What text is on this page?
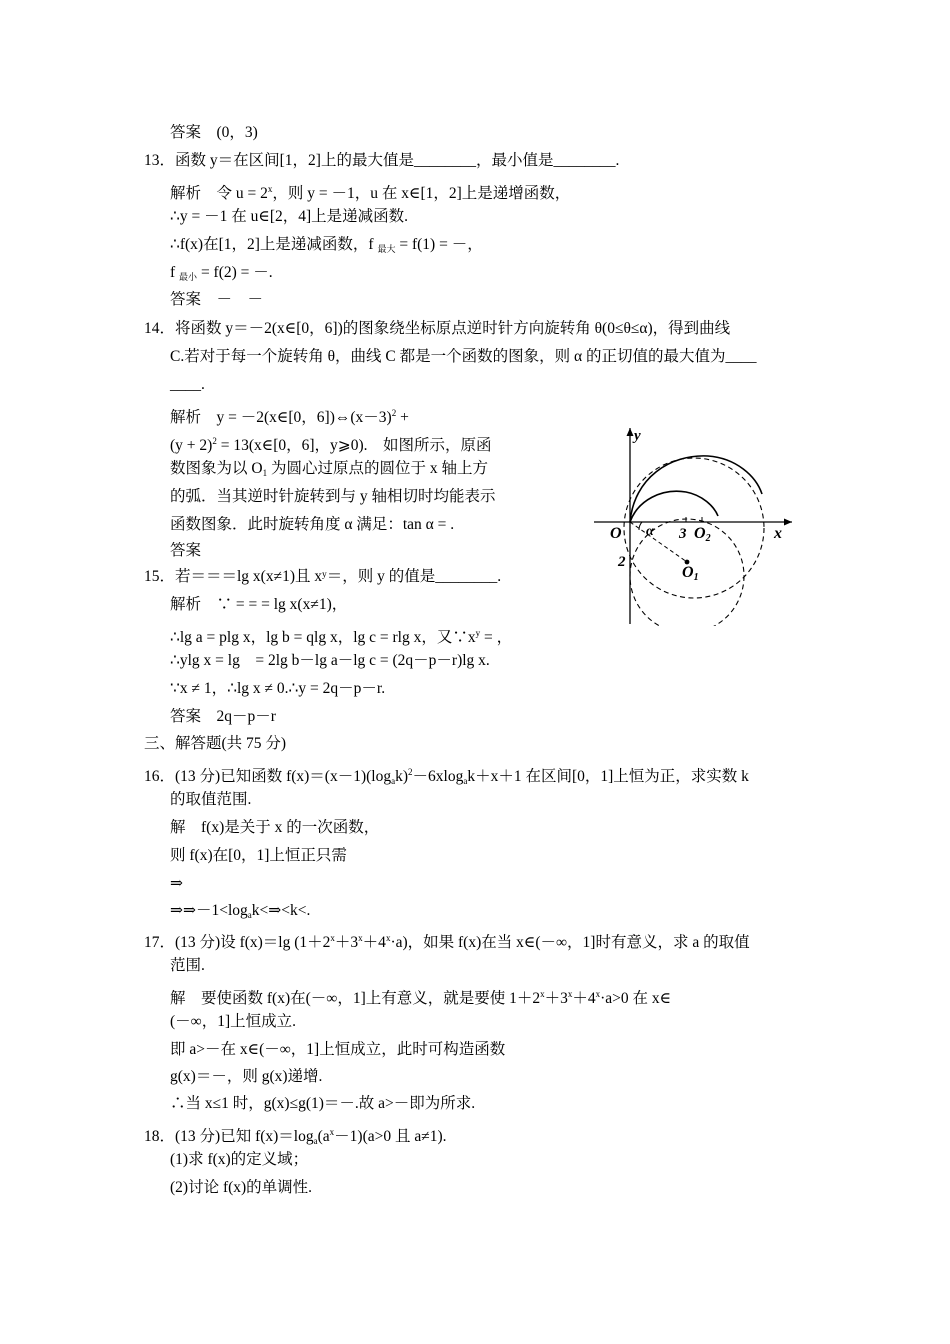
答案　(0，3)
13．函数 y＝在区间[1，2]上的最大值是________，最小值是________.
解析　令 $u = 2^x$，则 y = －1，u 在 x∈[1，2]上是递增函数，
∴y = －1 在 u∈[2，4]上是递减函数.
∴f(x)在[1，2]上是递减函数，f $_{最大}$ = f(1) = －，
f $_{最小}$ = f(2) = －.
答案　－　－
14．将函数 y＝－2(x∈[0，6])的图象绕坐标原点逆时针方向旋转角 θ(0≤θ≤α)，得到曲线
C.若对于每一个旋转角 θ，曲线 C 都是一个函数的图象，则 α 的正切值的最大值为____
____.
解析　y = －2(x∈[0，$6])\Leftrightarrow(x-3)^2$ +
$(y + 2)^2$ = 13(x∈[0，6]，y⩾0).　如图所示，原函
数图象为以 $O_1$ 为圆心过原点的圆位于 x 轴上方
的弧．当其逆时针旋转到与 y 轴相切时均能表示
函数图象．此时旋转角度 α 满足：tan α = .
答案
15．若＝＝＝lg x(x≠1)且 xʸ＝，则 y 的值是________.
解析　∵ = = = lg x(x≠1)，
∴lg a = plg x，lg b = qlg x，lg c = rlg x，又$\because x^y$ = ，
∴ylg x = lg　= 2lg b－lg a－lg c = (2q－p－r)lg x.
∵x ≠ 1，∴lg x ≠ 0.∴y = 2q－p－r.
答案　2q－p－r
三、解答题(共 75 分)
16．(13 分)已知函数 $f(x)=(x-1)(\log_ak)^2-6xlog_ak+x+1$ 在区间[0，1]上恒为正，求实数 k
的取值范围.
解　f(x)是关于 x 的一次函数，
则 f(x)在[0，1]上恒正只需
⇒
$\Rightarrow\Rightarrow-1<\log_ak<\Rightarrow<k<$.
17．(13 分)设 f(x)＝lg $(1+2^x+3^x+4^x\cdot a)$，如果 f(x)在当 x∈(－∞，1]时有意义，求 a 的取值
范围.
解　要使函数 f(x)在(－∞，1]上有意义，就是要使 $1+2^x+3^x+4^x\cdot a>0$ 在 x∈
(－∞，1]上恒成立.
即 a>－在 x∈(－∞，1]上恒成立，此时可构造函数
g(x)＝－，则 g(x)递增.
∴当 x≤1 时，g(x)≤g(1)＝－.故 a>－即为所求.
18．(13 分)已知 $f(x)=\log_a(a^x-1)(a>0$ 且 a≠1).
(1)求 f(x)的定义域；
(2)讨论 f(x)的单调性.
y
x
O α 3 O2
O1
2
